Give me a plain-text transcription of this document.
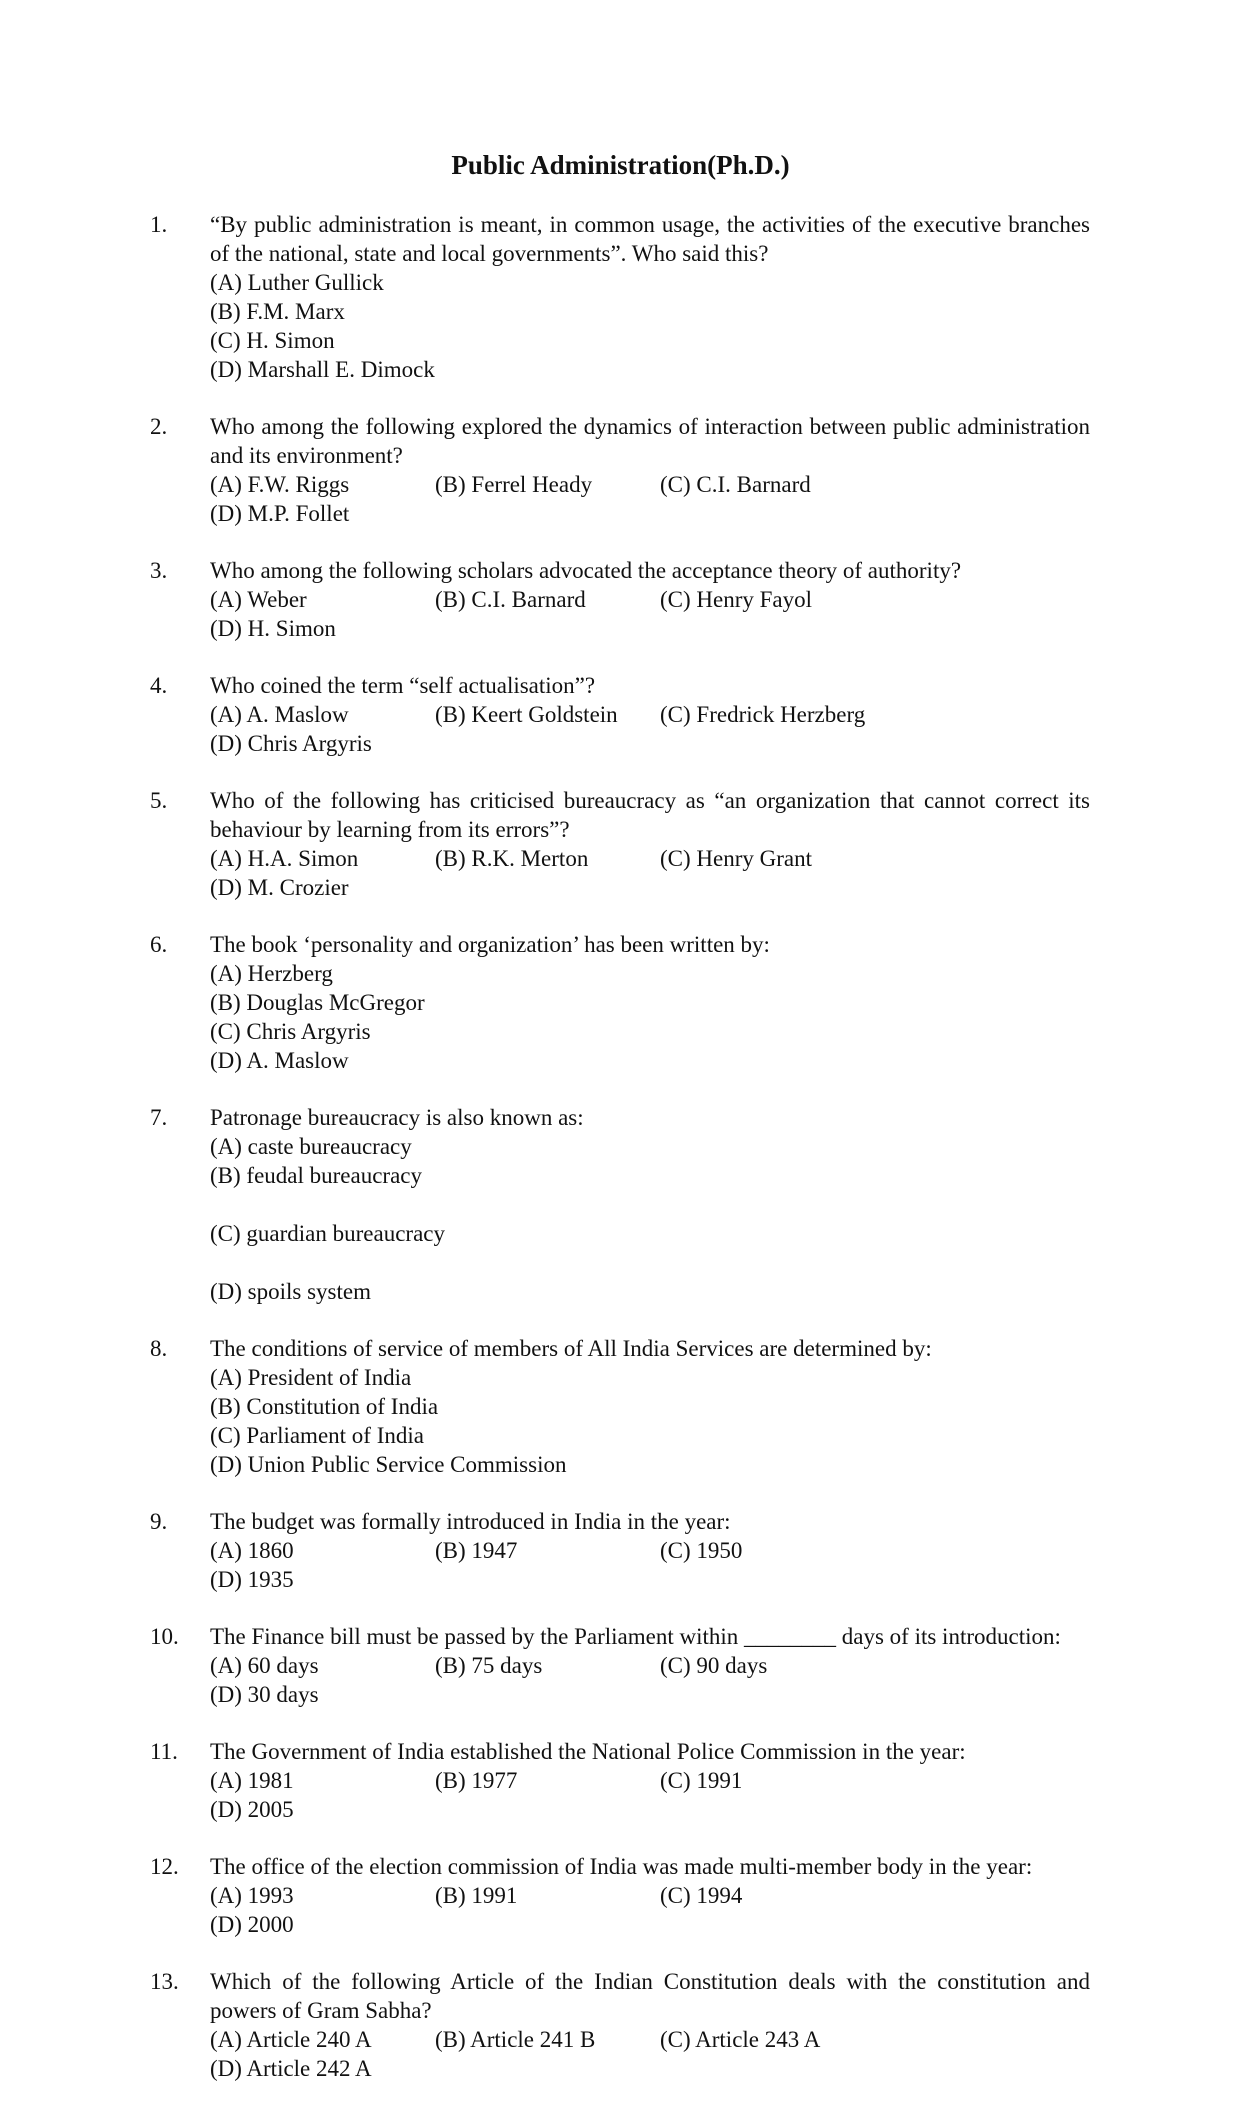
Public Administration(Ph.D.)
1. “By public administration is meant, in common usage, the activities of the executive branches of the national, state and local governments”. Who said this?
(A) Luther Gullick
(B) F.M. Marx
(C) H. Simon
(D) Marshall E. Dimock
2. Who among the following explored the dynamics of interaction between public administration and its environment?
(A) F.W. Riggs	(B) Ferrel Heady	(C) C.I. Barnard
(D) M.P. Follet
3. Who among the following scholars advocated the acceptance theory of authority?
(A) Weber	(B) C.I. Barnard	(C) Henry Fayol
(D) H. Simon
4. Who coined the term “self actualisation”?
(A) A. Maslow	(B) Keert Goldstein	(C) Fredrick Herzberg
(D) Chris Argyris
5. Who of the following has criticised bureaucracy as “an organization that cannot correct its behaviour by learning from its errors”?
(A) H.A. Simon	(B) R.K. Merton	(C) Henry Grant
(D) M. Crozier
6. The book ‘personality and organization’ has been written by:
(A) Herzberg
(B) Douglas McGregor
(C) Chris Argyris
(D) A. Maslow
7. Patronage bureaucracy is also known as:
(A) caste bureaucracy
(B) feudal bureaucracy
(C) guardian bureaucracy
(D) spoils system
8. The conditions of service of members of All India Services are determined by:
(A) President of India
(B) Constitution of India
(C) Parliament of India
(D) Union Public Service Commission
9. The budget was formally introduced in India in the year:
(A) 1860	(B) 1947	(C) 1950
(D) 1935
10. The Finance bill must be passed by the Parliament within ________ days of its introduction:
(A) 60 days	(B) 75 days	(C) 90 days
(D) 30 days
11. The Government of India established the National Police Commission in the year:
(A) 1981	(B) 1977	(C) 1991
(D) 2005
12. The office of the election commission of India was made multi-member body in the year:
(A) 1993	(B) 1991	(C) 1994
(D) 2000
13. Which of the following Article of the Indian Constitution deals with the constitution and powers of Gram Sabha?
(A) Article 240 A	(B) Article 241 B	(C) Article 243 A
(D) Article 242 A
